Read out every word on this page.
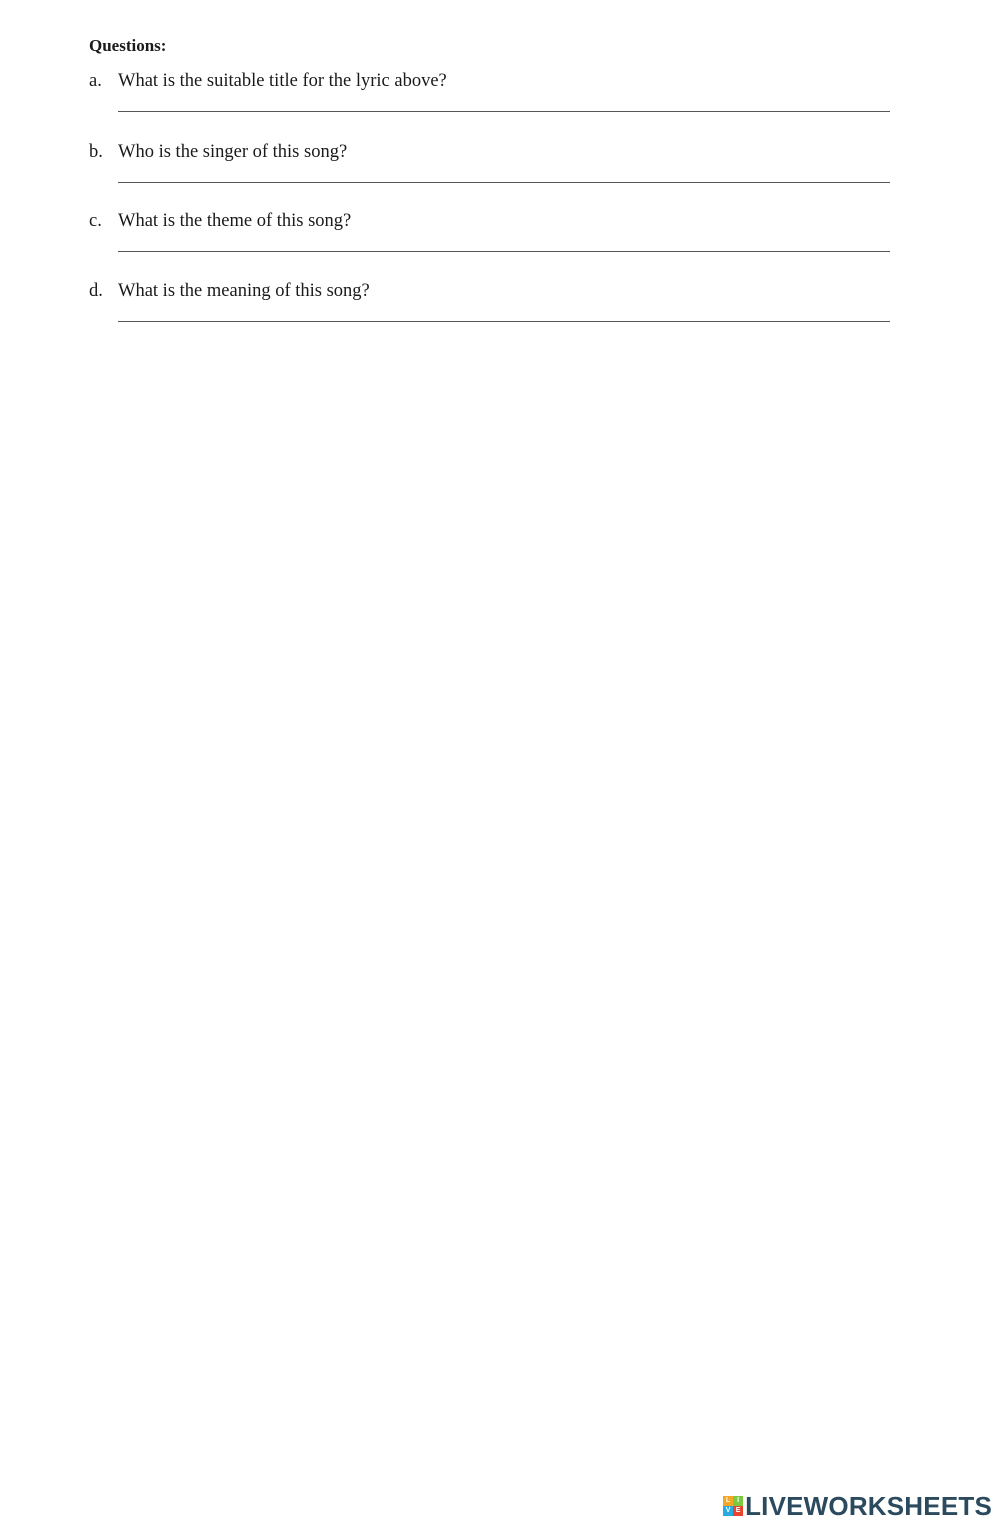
Questions:
a. What is the suitable title for the lyric above?
b. Who is the singer of this song?
c. What is the theme of this song?
d. What is the meaning of this song?
L I
V E LIVEWORKSHEETS
